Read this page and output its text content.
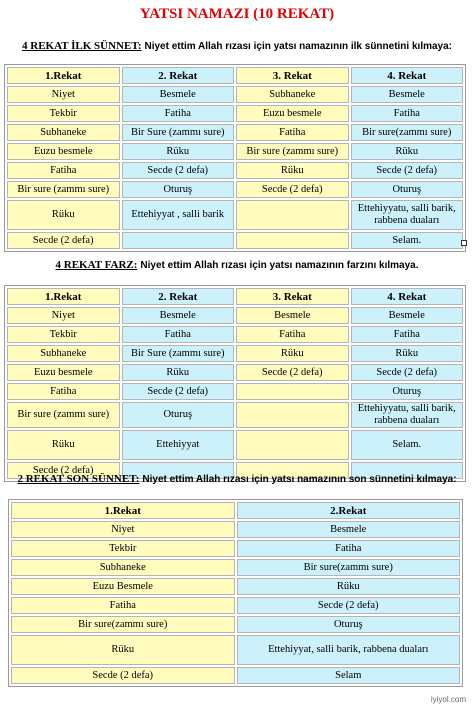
YATSI NAMAZI (10 REKAT)
4 REKAT İLK SÜNNET: Niyet ettim Allah rızası için yatsı namazının ilk sünnetini kılmaya:
1.Rekat	2. Rekat	3. Rekat	4. Rekat
Niyet	Besmele	Subhaneke	Besmele
Tekbir	Fatiha	Euzu besmele	Fatiha
Subhaneke	Bir Sure (zammı sure)	Fatiha	Bir sure(zammı sure)
Euzu besmele	Rüku	Bir sure (zammı sure)	Rüku
Fatiha	Secde (2 defa)	Rüku	Secde (2 defa)
Bir sure (zammı sure)	Oturuş	Secde (2 defa)	Oturuş
Rüku	Ettehiyyat , salli barik		Ettehiyyatu, salli barik, rabbena duaları
Secde (2 defa)			Selam.
4 REKAT FARZ: Niyet ettim Allah rızası için yatsı namazının farzını kılmaya.
1.Rekat	2. Rekat	3. Rekat	4. Rekat
Niyet	Besmele	Besmele	Besmele
Tekbir	Fatiha	Fatiha	Fatiha
Subhaneke	Bir Sure (zammı sure)	Rüku	Rüku
Euzu besmele	Rüku	Secde (2 defa)	Secde (2 defa)
Fatiha	Secde (2 defa)		Oturuş
Bir sure (zammı sure)	Oturuş		Ettehiyyatu, salli barik, rabbena duaları
Rüku	Ettehiyyat		Selam.
Secde (2 defa)			
2 REKAT SON SÜNNET: Niyet ettim Allah rızası için yatsı namazının son sünnetini kılmaya:
1.Rekat	2.Rekat
Niyet	Besmele
Tekbir	Fatiha
Subhaneke	Bir sure(zammı sure)
Euzu Besmele	Rüku
Fatiha	Secde (2 defa)
Bir sure(zammı sure)	Oturuş
Rüku	Ettehiyyat, salli barik, rabbena duaları
Secde (2 defa)	Selam
iyiyol.com
